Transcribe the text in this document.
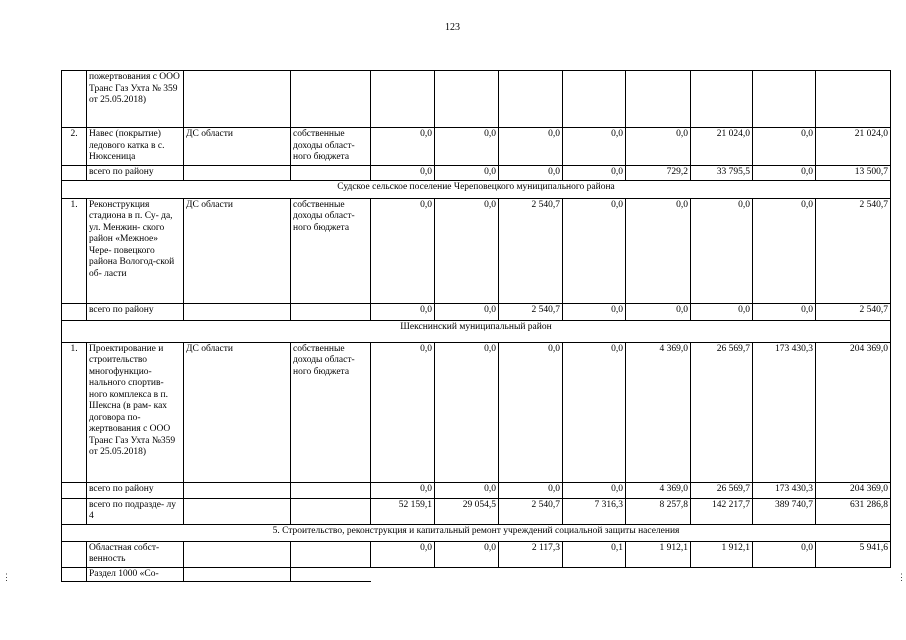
123
⋮	⋮
	пожертвования с ООО Транс Газ Ухта № 359 от 25.05.2018)										
2.	Навес (покрытие) ледового катка в с. Нюксеница	ДС области	собственные доходы област- ного бюджета	0,0	0,0	0,0	0,0	0,0	21 024,0	0,0	21 024,0
	всего по району			0,0	0,0	0,0	0,0	729,2	33 795,5	0,0	13 500,7
Судское сельское поселение Череповецкого муниципального района											
1.	Реконструкция стадиона в п. Су- да, ул. Менжин- ского район «Межное» Чере- повецкого района Вологод-ской об- ласти	ДС области	собственные доходы област- ного бюджета	0,0	0,0	2 540,7	0,0	0,0	0,0	0,0	2 540,7
	всего по району			0,0	0,0	2 540,7	0,0	0,0	0,0	0,0	2 540,7
Шекснинский муниципальный район											
1.	Проектирование и строительство многофункцио- нального спортив- ного комплекса в п. Шексна (в рам- ках договора по- жертвования с ООО Транс Газ Ухта №359 от 25.05.2018)	ДС области	собственные доходы област- ного бюджета	0,0	0,0	0,0	0,0	4 369,0	26 569,7	173 430,3	204 369,0
	всего по району			0,0	0,0	0,0	0,0	4 369,0	26 569,7	173 430,3	204 369,0
	всего по подразде- лу 4			52 159,1	29 054,5	2 540,7	7 316,3	8 257,8	142 217,7	389 740,7	631 286,8
5. Строительство, реконструкция и капитальный ремонт учреждений социальной защиты населения											
	Областная собст- венность			0,0	0,0	2 117,3	0,1	1 912,1	1 912,1	0,0	5 941,6
	Раздел 1000 «Со-										
